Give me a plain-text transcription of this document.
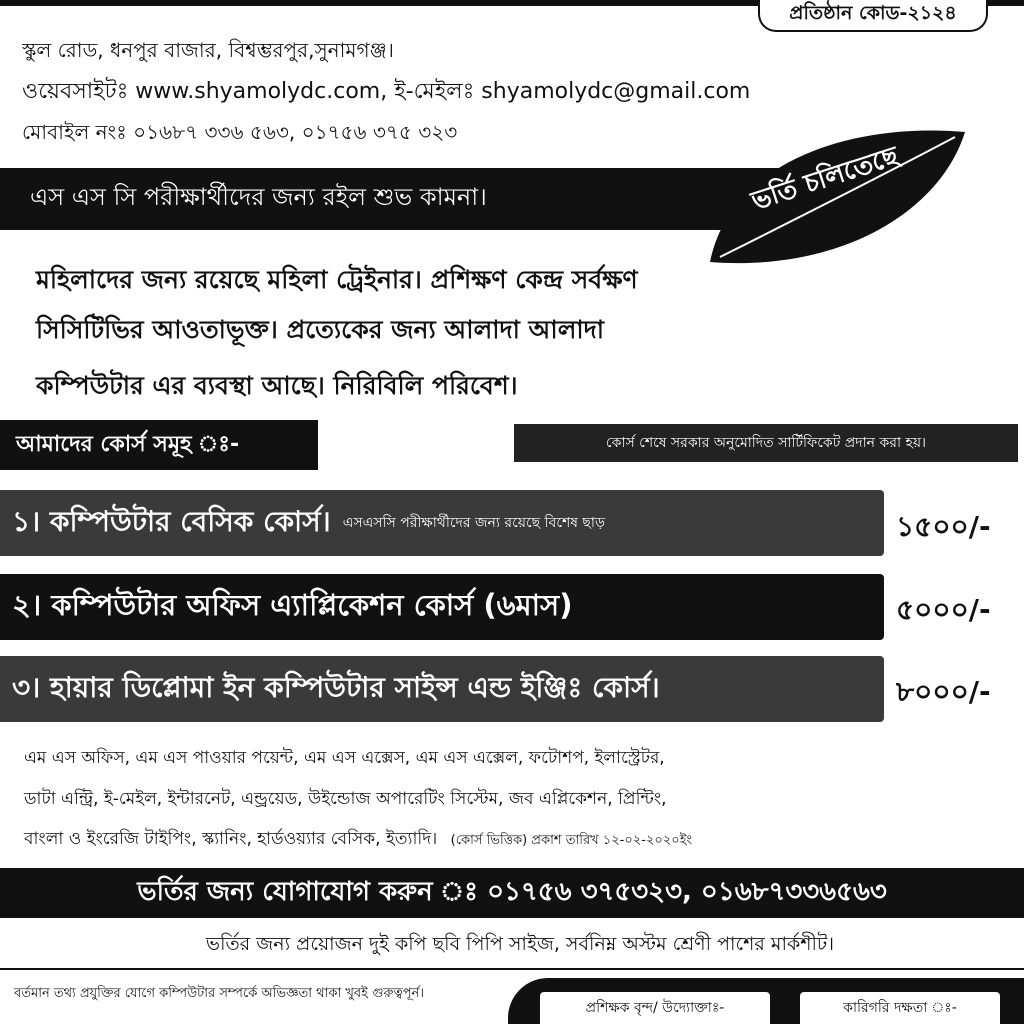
প্রতিষ্ঠান কোড-২১২৪
স্কুল রোড, ধনপুর বাজার, বিশ্বম্ভরপুর,সুনামগঞ্জ।
ওয়েবসাইটঃ www.shyamolydc.com, ই-মেইলঃ shyamolydc@gmail.com
মোবাইল নংঃ ০১৬৮৭ ৩৩৬ ৫৬৩, ০১৭৫৬ ৩৭৫ ৩২৩
এস এস সি পরীক্ষার্থীদের জন্য রইল শুভ কামনা।	ভর্তি চলিতেছে
মহিলাদের জন্য রয়েছে মহিলা ট্রেইনার। প্রশিক্ষণ কেন্দ্র সর্বক্ষণ
সিসিটিভির আওতাভূক্ত। প্রত্যেকের জন্য আলাদা আলাদা
কম্পিউটার এর ব্যবস্থা আছে। নিরিবিলি পরিবেশ।
আমাদের কোর্স সমূহ ঃ-	কোর্স শেষে সরকার অনুমোদিত সার্টিফিকেট প্রদান করা হয়।
১। কম্পিউটার বেসিক কোর্স। এসএসসি পরীক্ষার্থীদের জন্য রয়েছে বিশেষ ছাড়	১৫০০/-
২। কম্পিউটার অফিস এ্যাপ্লিকেশন কোর্স (৬মাস)	৫০০০/-
৩। হায়ার ডিপ্লোমা ইন কম্পিউটার সাইন্স এন্ড ইঞ্জিঃ কোর্স।	৮০০০/-
এম এস অফিস, এম এস পাওয়ার পয়েন্ট, এম এস এক্সেস, এম এস এক্সেল, ফটোশপ, ইলাস্ট্রেটর,
ডাটা এন্ট্রি, ই-মেইল, ইন্টারনেট, এন্ড্রয়েড, উইন্ডোজ অপারেটিং সিস্টেম, জব এপ্লিকেশন, প্রিন্টিং,
বাংলা ও ইংরেজি টাইপিং, স্ক্যানিং, হার্ডওয়্যার বেসিক, ইত্যাদি। (কোর্স ভিত্তিক) প্রকাশ তারিখ ১২-০২-২০২০ইং
ভর্তির জন্য যোগাযোগ করুন ঃ ০১৭৫৬ ৩৭৫৩২৩, ০১৬৮৭৩৩৬৫৬৩
ভর্তির জন্য প্রয়োজন দুই কপি ছবি পিপি সাইজ, সর্বনিম্ন অস্টম শ্রেণী পাশের মার্কশীট।
বর্তমান তথ্য প্রযুক্তির যোগে কম্পিউটার সম্পর্কে অভিজ্ঞতা থাকা খুবই গুরুত্বপূর্ন।
প্রশিক্ষক বৃন্দ/ উদ্যোক্তাঃ-	কারিগরি দক্ষতা ঃ-
